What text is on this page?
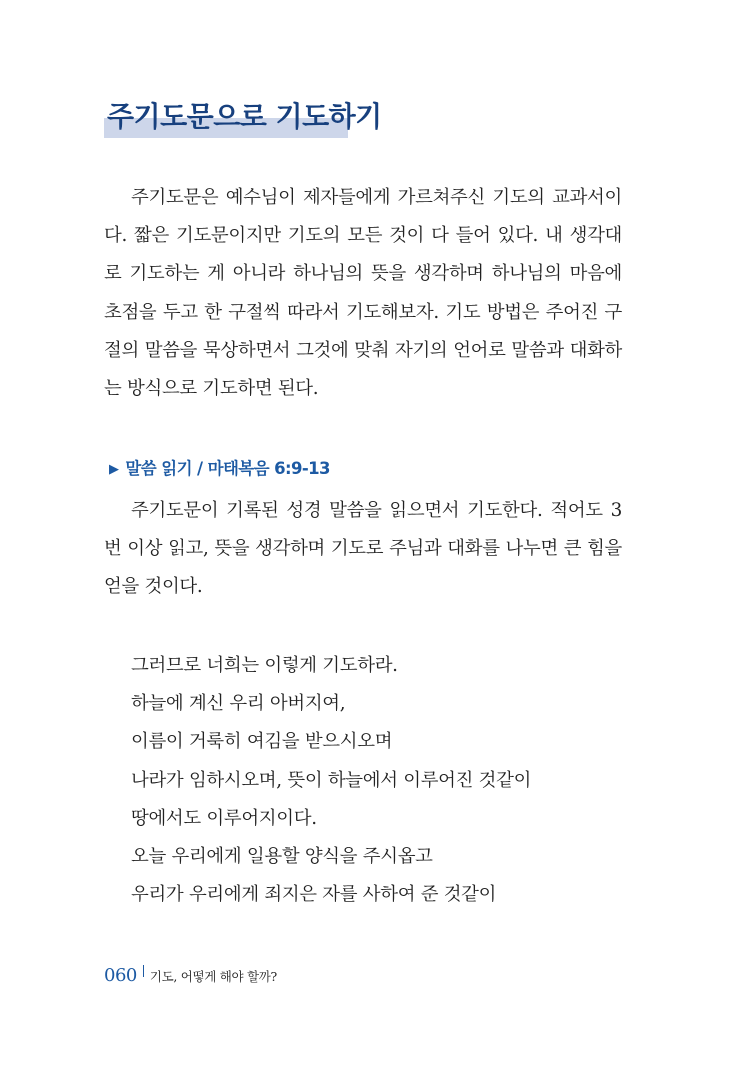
주기도문으로 기도하기

주기도문은 예수님이 제자들에게 가르쳐주신 기도의 교과서이다. 짧은 기도문이지만 기도의 모든 것이 다 들어 있다. 내 생각대로 기도하는 게 아니라 하나님의 뜻을 생각하며 하나님의 마음에 초점을 두고 한 구절씩 따라서 기도해보자. 기도 방법은 주어진 구절의 말씀을 묵상하면서 그것에 맞춰 자기의 언어로 말씀과 대화하는 방식으로 기도하면 된다.

▶ 말씀 읽기 / 마태복음 6:9-13

주기도문이 기록된 성경 말씀을 읽으면서 기도한다. 적어도 3번 이상 읽고, 뜻을 생각하며 기도로 주님과 대화를 나누면 큰 힘을 얻을 것이다.

그러므로 너희는 이렇게 기도하라.
하늘에 계신 우리 아버지여,
이름이 거룩히 여김을 받으시오며
나라가 임하시오며, 뜻이 하늘에서 이루어진 것같이
땅에서도 이루어지이다.
오늘 우리에게 일용할 양식을 주시옵고
우리가 우리에게 죄지은 자를 사하여 준 것같이
060 기도, 어떻게 해야 할까?
